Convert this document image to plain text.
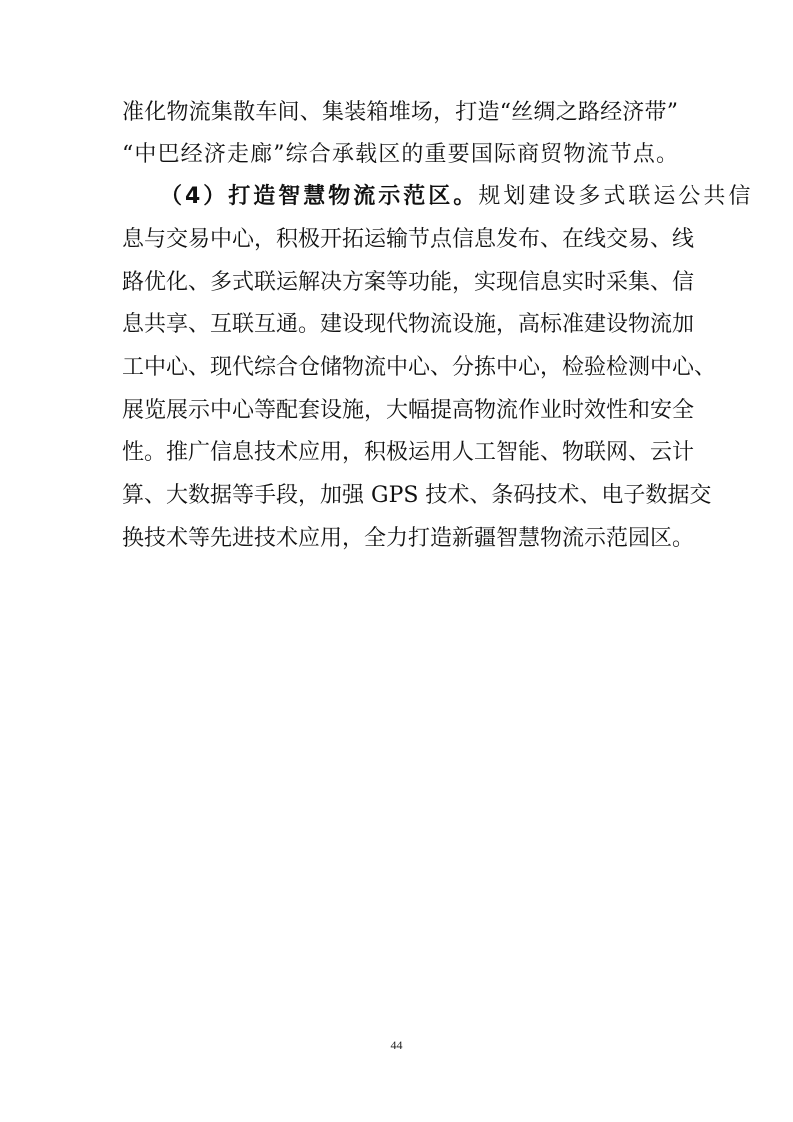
准化物流集散车间、集装箱堆场，打造“丝绸之路经济带”
“中巴经济走廊”综合承载区的重要国际商贸物流节点。
（4）打造智慧物流示范区。规划建设多式联运公共信
息与交易中心，积极开拓运输节点信息发布、在线交易、线
路优化、多式联运解决方案等功能，实现信息实时采集、信
息共享、互联互通。建设现代物流设施，高标准建设物流加
工中心、现代综合仓储物流中心、分拣中心，检验检测中心、
展览展示中心等配套设施，大幅提高物流作业时效性和安全
性。推广信息技术应用，积极运用人工智能、物联网、云计
算、大数据等手段，加强 GPS 技术、条码技术、电子数据交
换技术等先进技术应用，全力打造新疆智慧物流示范园区。
44
